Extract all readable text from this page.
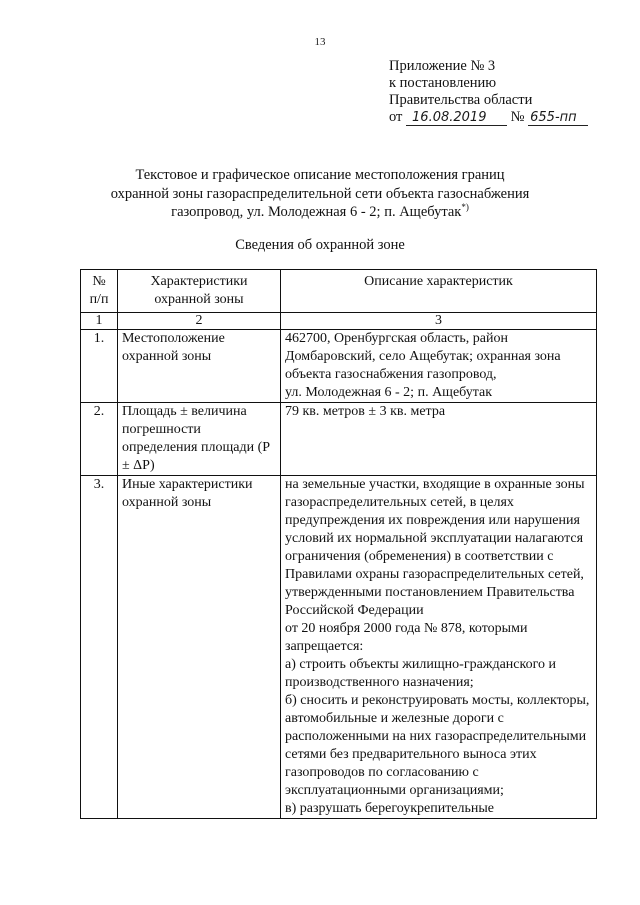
13
Приложение № 3
к постановлению
Правительства области
от 16.08.2019 № 655-пп
Текстовое и графическое описание местоположения границ
охранной зоны газораспределительной сети объекта газоснабжения
газопровод, ул. Молодежная 6 - 2; п. Ащебутак*)
Сведения об охранной зоне
№ п/п	Характеристики охранной зоны	Описание характеристик
1	2	3
1.	Местоположение охранной зоны	462700, Оренбургская область, район Домбаровский, село Ащебутак; охранная зона объекта газоснабжения газопровод,
ул. Молодежная 6 - 2; п. Ащебутак

2.	Площадь ± величина погрешности определения площади (P ± ΔP)	79 кв. метров ± 3 кв. метра

3.	Иные характеристики охранной зоны	на земельные участки, входящие в охранные зоны газораспределительных сетей, в целях предупреждения их повреждения или нарушения условий их нормальной эксплуатации налагаются ограничения (обременения) в соответствии с Правилами охраны газораспределительных сетей, утвержденными постановлением Правительства Российской Федерации
от 20 ноября 2000 года № 878, которыми запрещается:
а) строить объекты жилищно-гражданского и производственного назначения;
б) сносить и реконструировать мосты, коллекторы, автомобильные и железные дороги с расположенными на них газораспределительными сетями без предварительного выноса этих газопроводов по согласованию с эксплуатационными организациями;
в) разрушать берегоукрепительные
